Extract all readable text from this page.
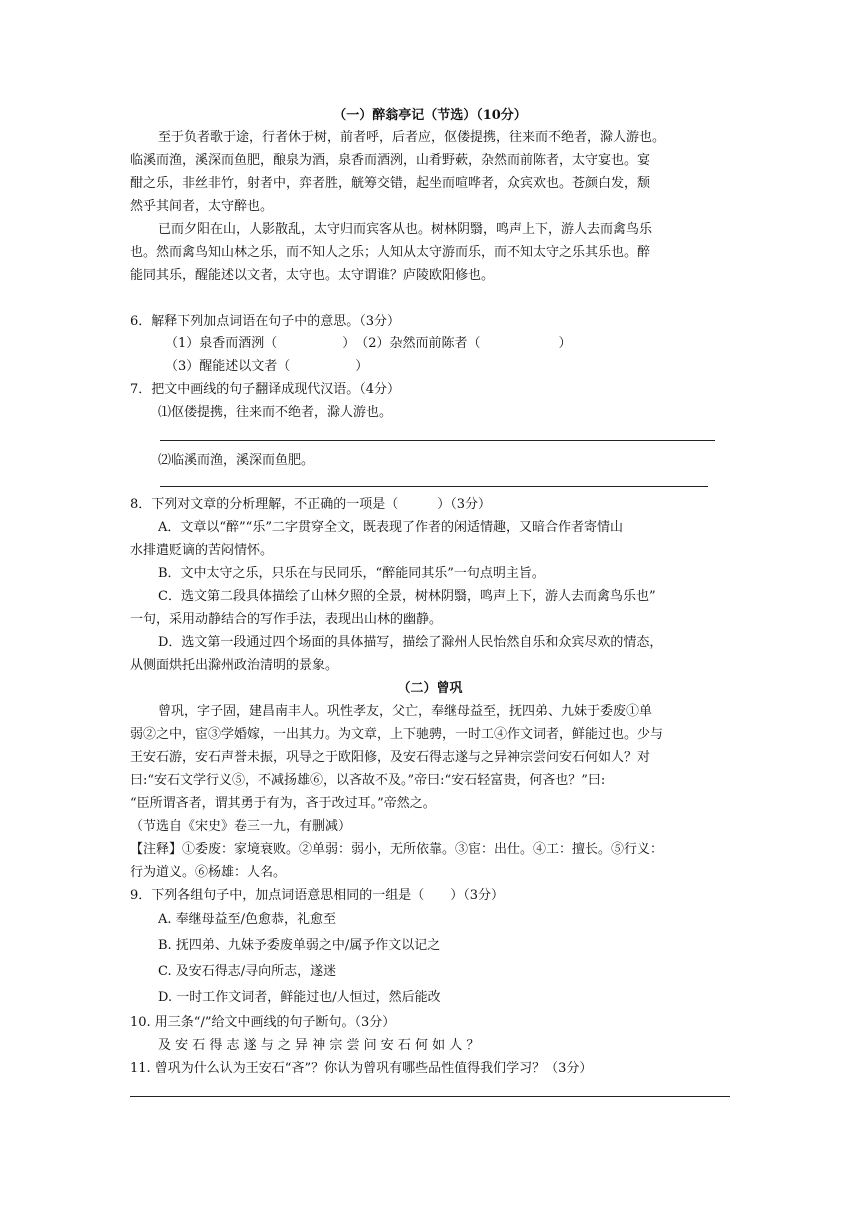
（一）醉翁亭记（节选）（10分）
至于负者歌于途，行者休于树，前者呼，后者应，伛偻提携，往来而不绝者，滁人游也。
临溪而渔，溪深而鱼肥，酿泉为酒，泉香而酒洌，山肴野蔌，杂然而前陈者，太守宴也。宴
酣之乐，非丝非竹，射者中，弈者胜，觥筹交错，起坐而喧哗者，众宾欢也。苍颜白发，颓
然乎其间者，太守醉也。
已而夕阳在山，人影散乱，太守归而宾客从也。树林阴翳，鸣声上下，游人去而禽鸟乐
也。然而禽鸟知山林之乐，而不知人之乐；人知从太守游而乐，而不知太守之乐其乐也。醉
能同其乐，醒能述以文者，太守也。太守谓谁？庐陵欧阳修也。
6．解释下列加点词语在句子中的意思。（3分）
（1）泉香而酒洌（　　　　　）　（2）杂然而前陈者（　　　　　　）
（3）醒能述以文者（　　　　　）
7．把文中画线的句子翻译成现代汉语。（4分）
⑴伛偻提携，往来而不绝者，滁人游也。
⑵临溪而渔，溪深而鱼肥。
8．下列对文章的分析理解，不正确的一项是（　　　）（3分）
A．文章以“醉”“乐”二字贯穿全文，既表现了作者的闲适情趣，又暗合作者寄情山
水排遣贬谪的苦闷情怀。
B．文中太守之乐，只乐在与民同乐，“醉能同其乐”一句点明主旨。
C．选文第二段具体描绘了山林夕照的全景，树林阴翳，鸣声上下，游人去而禽鸟乐也”
一句，采用动静结合的写作手法，表现出山林的幽静。
D．选文第一段通过四个场面的具体描写，描绘了滁州人民怡然自乐和众宾尽欢的情态，
从侧面烘托出滁州政治清明的景象。
（二）曾巩
曾巩，字子固，建昌南丰人。巩性孝友，父亡，奉继母益至，抚四弟、九妹于委废①单
弱②之中，宦③学婚嫁，一出其力。为文章，上下驰骋，一时工④作文词者，鲜能过也。少与
王安石游，安石声誉未振，巩导之于欧阳修，及安石得志遂与之异神宗尝问安石何如人？对
曰:“安石文学行义⑤，不减扬雄⑥，以吝故不及。”帝曰:“安石轻富贵，何吝也？”曰:
“臣所谓吝者，谓其勇于有为，吝于改过耳。”帝然之。
（节选自《宋史》卷三一九，有删减）
【注释】①委废：家境衰败。②单弱：弱小，无所依靠。③宦：出仕。④工：擅长。⑤行义：
行为道义。⑥杨雄：人名。
9．下列各组句子中，加点词语意思相同的一组是（　　）（3分）
A. 奉继母益至/色愈恭，礼愈至
B. 抚四弟、九妹予委废单弱之中/属予作文以记之
C. 及安石得志/寻向所志，遂迷
D. 一时工作文词者，鲜能过也/人恒过，然后能改
10. 用三条“/”给文中画线的句子断句。（3分）
及 安 石 得 志 遂 与 之 异 神 宗 尝 问 安 石 何 如 人 ？
11. 曾巩为什么认为王安石“吝”？你认为曾巩有哪些品性值得我们学习？（3分）
